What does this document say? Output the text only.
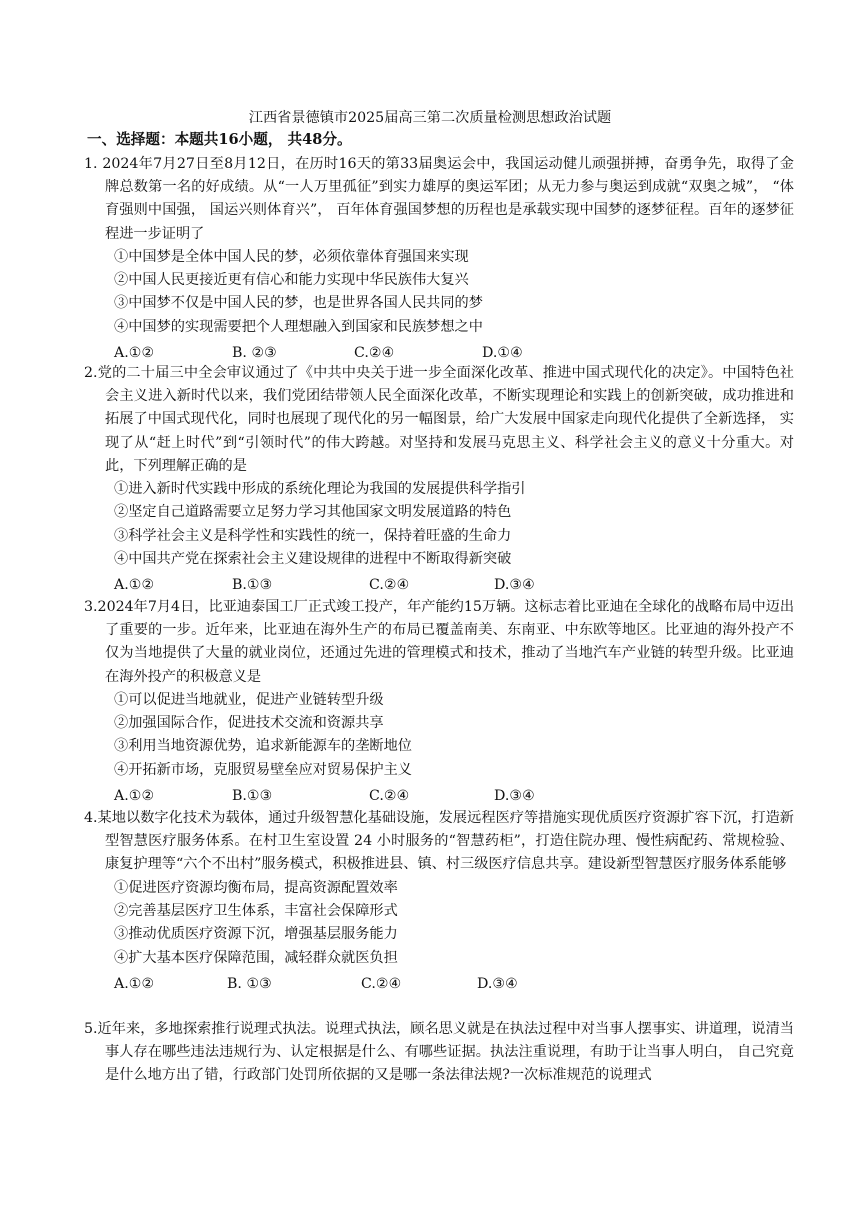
江西省景德镇市2025届高三第二次质量检测思想政治试题
一、选择题：本题共16小题， 共48分。
1. 2024年7月27日至8月12日，在历时16天的第33届奥运会中，我国运动健儿顽强拼搏，奋勇争先，取得了金牌总数第一名的好成绩。从“一人万里孤征”到实力雄厚的奥运军团；从无力参与奥运到成就“双奥之城”， “体育强则中国强， 国运兴则体育兴”， 百年体育强国梦想的历程也是承载实现中国梦的逐梦征程。百年的逐梦征程进一步证明了
①中国梦是全体中国人民的梦，必须依靠体育强国来实现
②中国人民更接近更有信心和能力实现中华民族伟大复兴
③中国梦不仅是中国人民的梦，也是世界各国人民共同的梦
④中国梦的实现需要把个人理想融入到国家和民族梦想之中
A.①②	B. ②③	C.②④	D.①④
2.党的二十届三中全会审议通过了《中共中央关于进一步全面深化改革、推进中国式现代化的决定》。中国特色社会主义进入新时代以来，我们党团结带领人民全面深化改革，不断实现理论和实践上的创新突破，成功推进和拓展了中国式现代化，同时也展现了现代化的另一幅图景，给广大发展中国家走向现代化提供了全新选择， 实现了从“赶上时代”到“引领时代”的伟大跨越。对坚持和发展马克思主义、科学社会主义的意义十分重大。对此，下列理解正确的是
①进入新时代实践中形成的系统化理论为我国的发展提供科学指引
②坚定自己道路需要立足努力学习其他国家文明发展道路的特色
③科学社会主义是科学性和实践性的统一，保持着旺盛的生命力
④中国共产党在探索社会主义建设规律的进程中不断取得新突破
A.①②	B.①③	C.②④	D.③④
3.2024年7月4日，比亚迪泰国工厂正式竣工投产，年产能约15万辆。这标志着比亚迪在全球化的战略布局中迈出了重要的一步。近年来，比亚迪在海外生产的布局已覆盖南美、东南亚、中东欧等地区。比亚迪的海外投产不仅为当地提供了大量的就业岗位，还通过先进的管理模式和技术，推动了当地汽车产业链的转型升级。比亚迪在海外投产的积极意义是
①可以促进当地就业，促进产业链转型升级
②加强国际合作，促进技术交流和资源共享
③利用当地资源优势，追求新能源车的垄断地位
④开拓新市场，克服贸易壁垒应对贸易保护主义
A.①②	B.①③	C.②④	D.③④
4.某地以数字化技术为载体，通过升级智慧化基础设施，发展远程医疗等措施实现优质医疗资源扩容下沉，打造新型智慧医疗服务体系。在村卫生室设置 24 小时服务的“智慧药柜”，打造住院办理、慢性病配药、常规检验、康复护理等“六个不出村”服务模式，积极推进县、镇、村三级医疗信息共享。建设新型智慧医疗服务体系能够
①促进医疗资源均衡布局，提高资源配置效率
②完善基层医疗卫生体系，丰富社会保障形式
③推动优质医疗资源下沉，增强基层服务能力
④扩大基本医疗保障范围，减轻群众就医负担
A.①②	B. ①③	C.②④	D.③④
5.近年来，多地探索推行说理式执法。说理式执法，顾名思义就是在执法过程中对当事人摆事实、讲道理，说清当事人存在哪些违法违规行为、认定根据是什么、有哪些证据。执法注重说理，有助于让当事人明白， 自己究竟是什么地方出了错，行政部门处罚所依据的又是哪一条法律法规?一次标准规范的说理式
